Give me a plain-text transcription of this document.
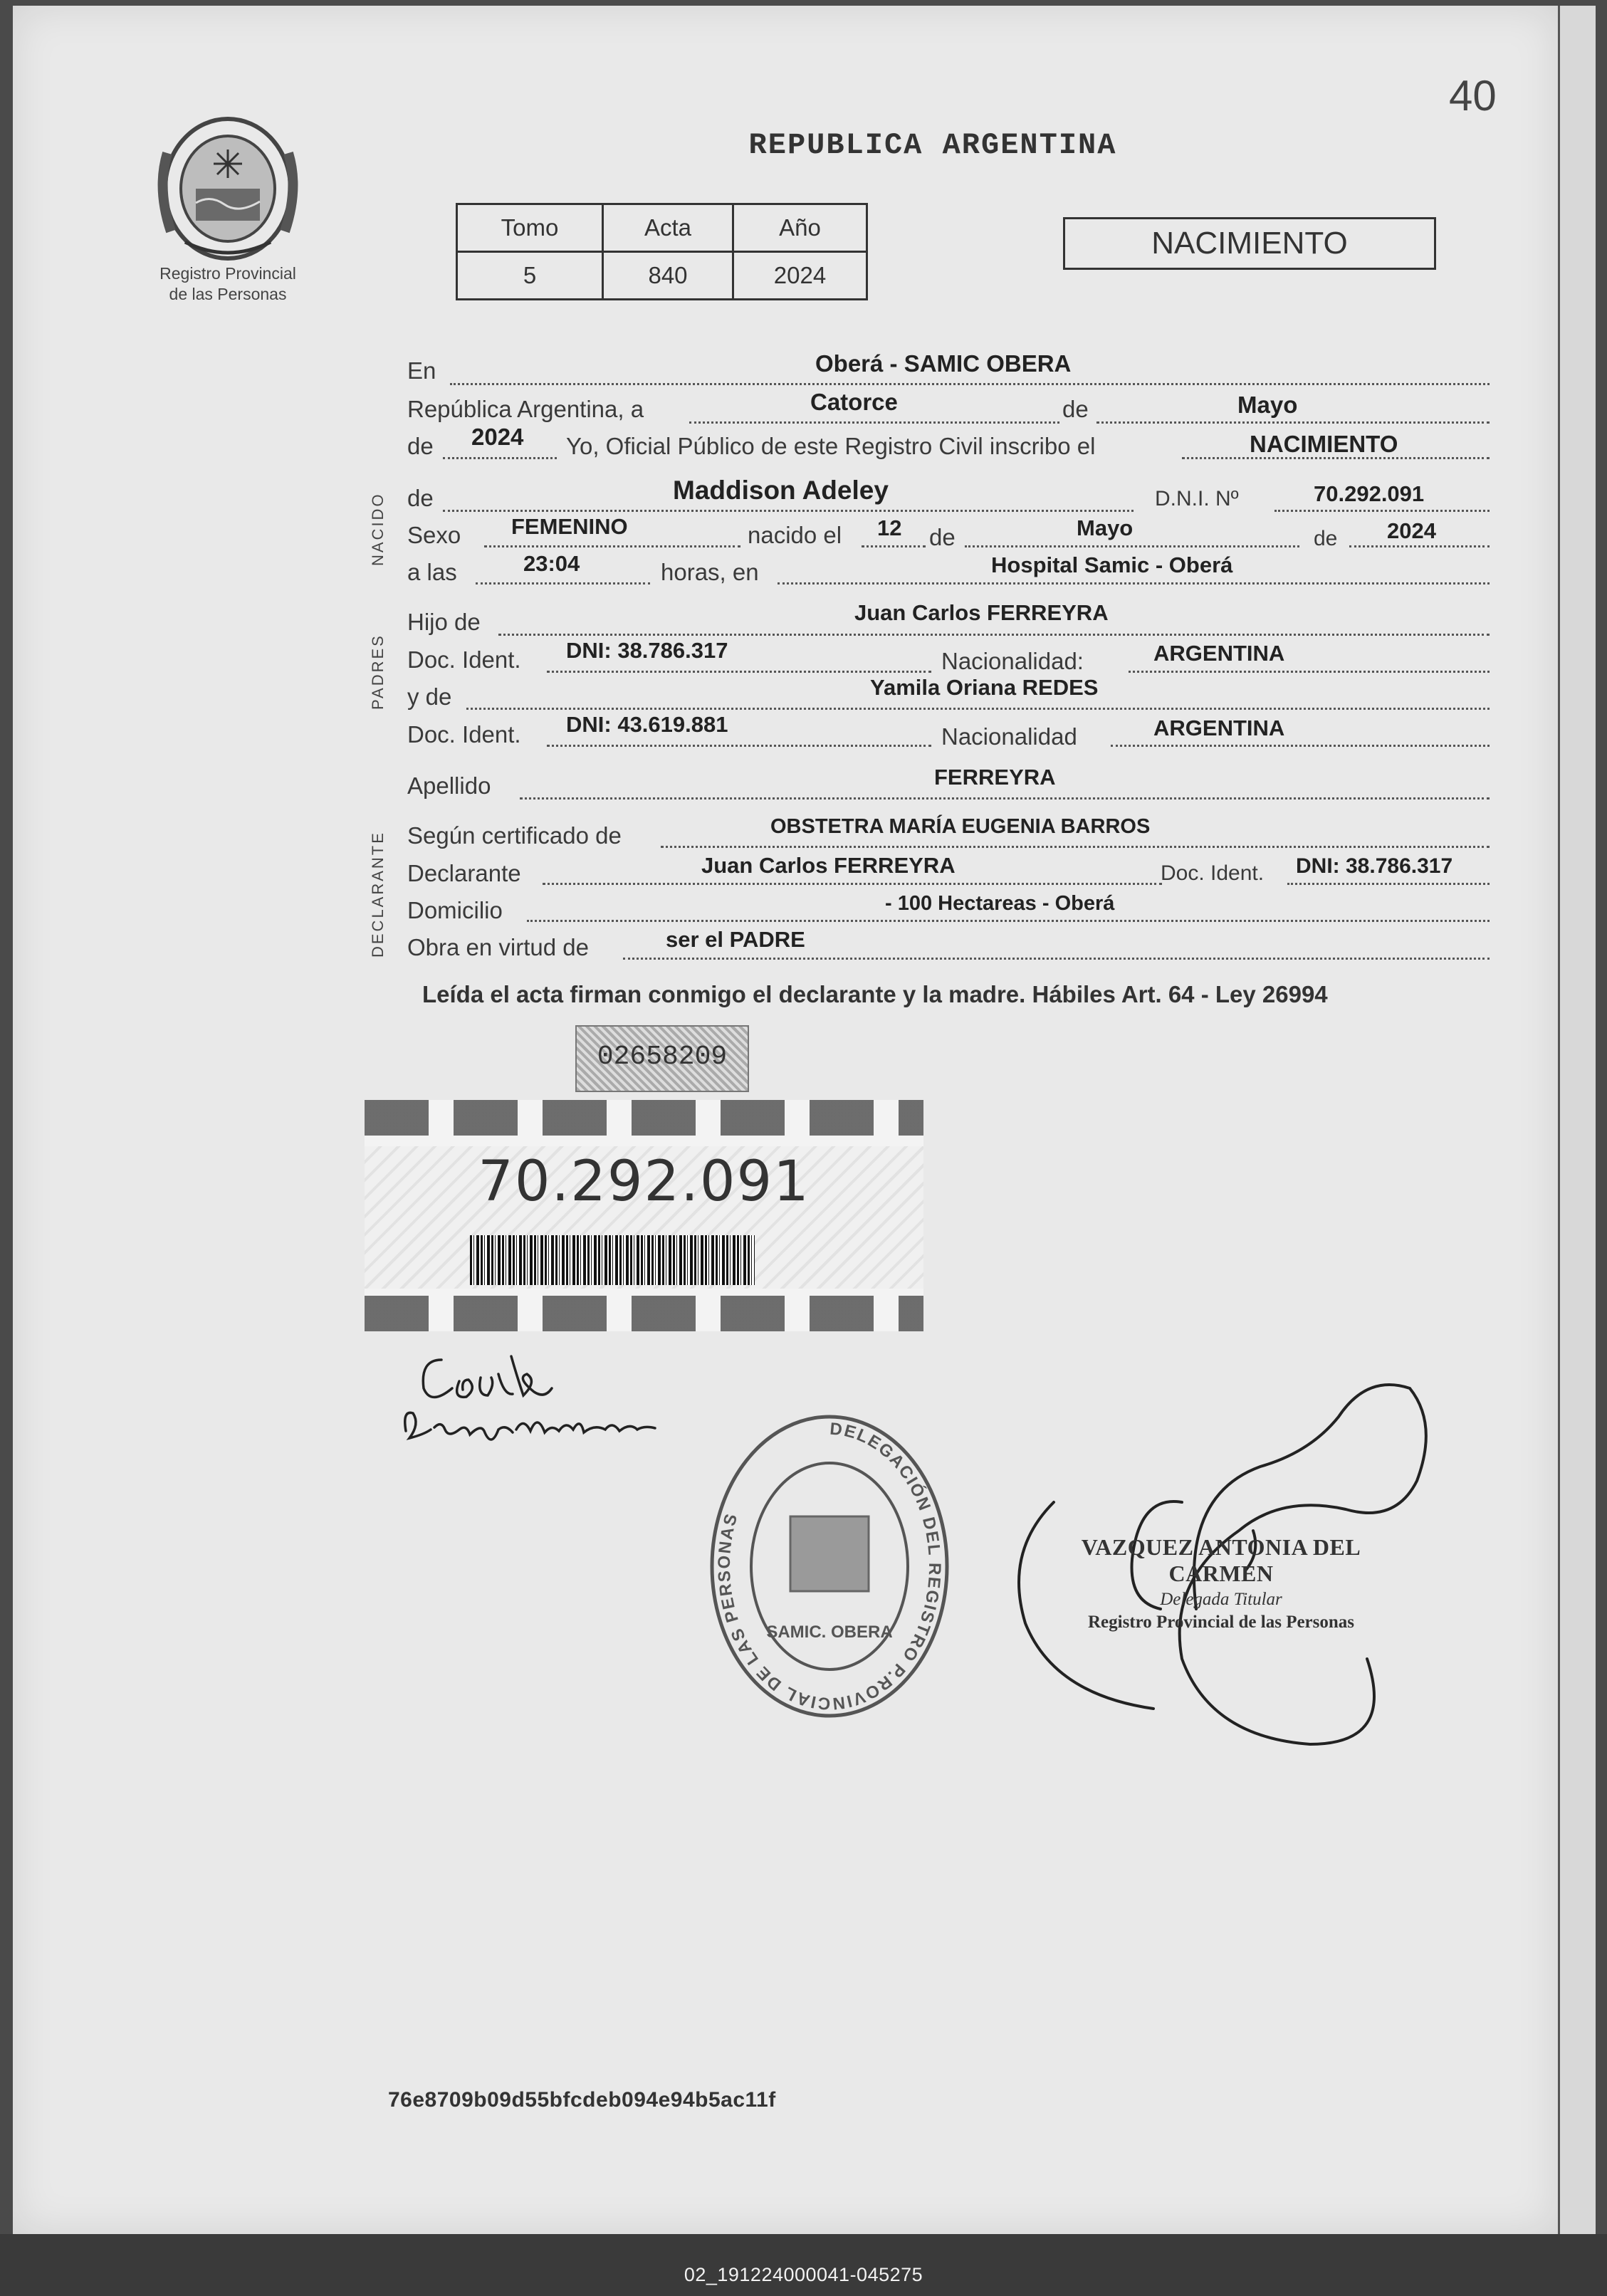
02_191224000041-045275
40
Registro Provincial
de las Personas
REPUBLICA ARGENTINA
Tomo	Acta	Año
5	840	2024
NACIMIENTO
NACIDO
PADRES
DECLARANTE
En	Oberá - SAMIC OBERA
República Argentina, a	Catorce	de	Mayo
de 2024 Yo, Oficial Público de este Registro Civil inscribo el	NACIMIENTO
de	Maddison Adeley	D.N.I. Nº	70.292.091
Sexo FEMENINO	nacido el 12 de	Mayo	de 2024
a las	23:04	horas, en	Hospital Samic - Oberá
Hijo de	Juan Carlos FERREYRA
Doc. Ident. DNI: 38.786.317	Nacionalidad:	ARGENTINA
y de	Yamila Oriana REDES
Doc. Ident. DNI: 43.619.881	Nacionalidad	ARGENTINA
Apellido	FERREYRA
Según certificado de	OBSTETRA MARÍA EUGENIA BARROS
Declarante	Juan Carlos FERREYRA	Doc. Ident. DNI: 38.786.317
Domicilio	- 100 Hectareas - Oberá
Obra en virtud de	ser el PADRE
Leída el acta firman conmigo el declarante y la madre. Hábiles Art. 64 - Ley 26994
02658209
70.292.091
DELEGACIÓN DEL REGISTRO P.ROVINCIAL DE LAS PERSONAS
SAMIC. OBERA
VAZQUEZ ANTONIA DEL CARMEN
Delegada Titular
Registro Provincial de las Personas
76e8709b09d55bfcdeb094e94b5ac11f
